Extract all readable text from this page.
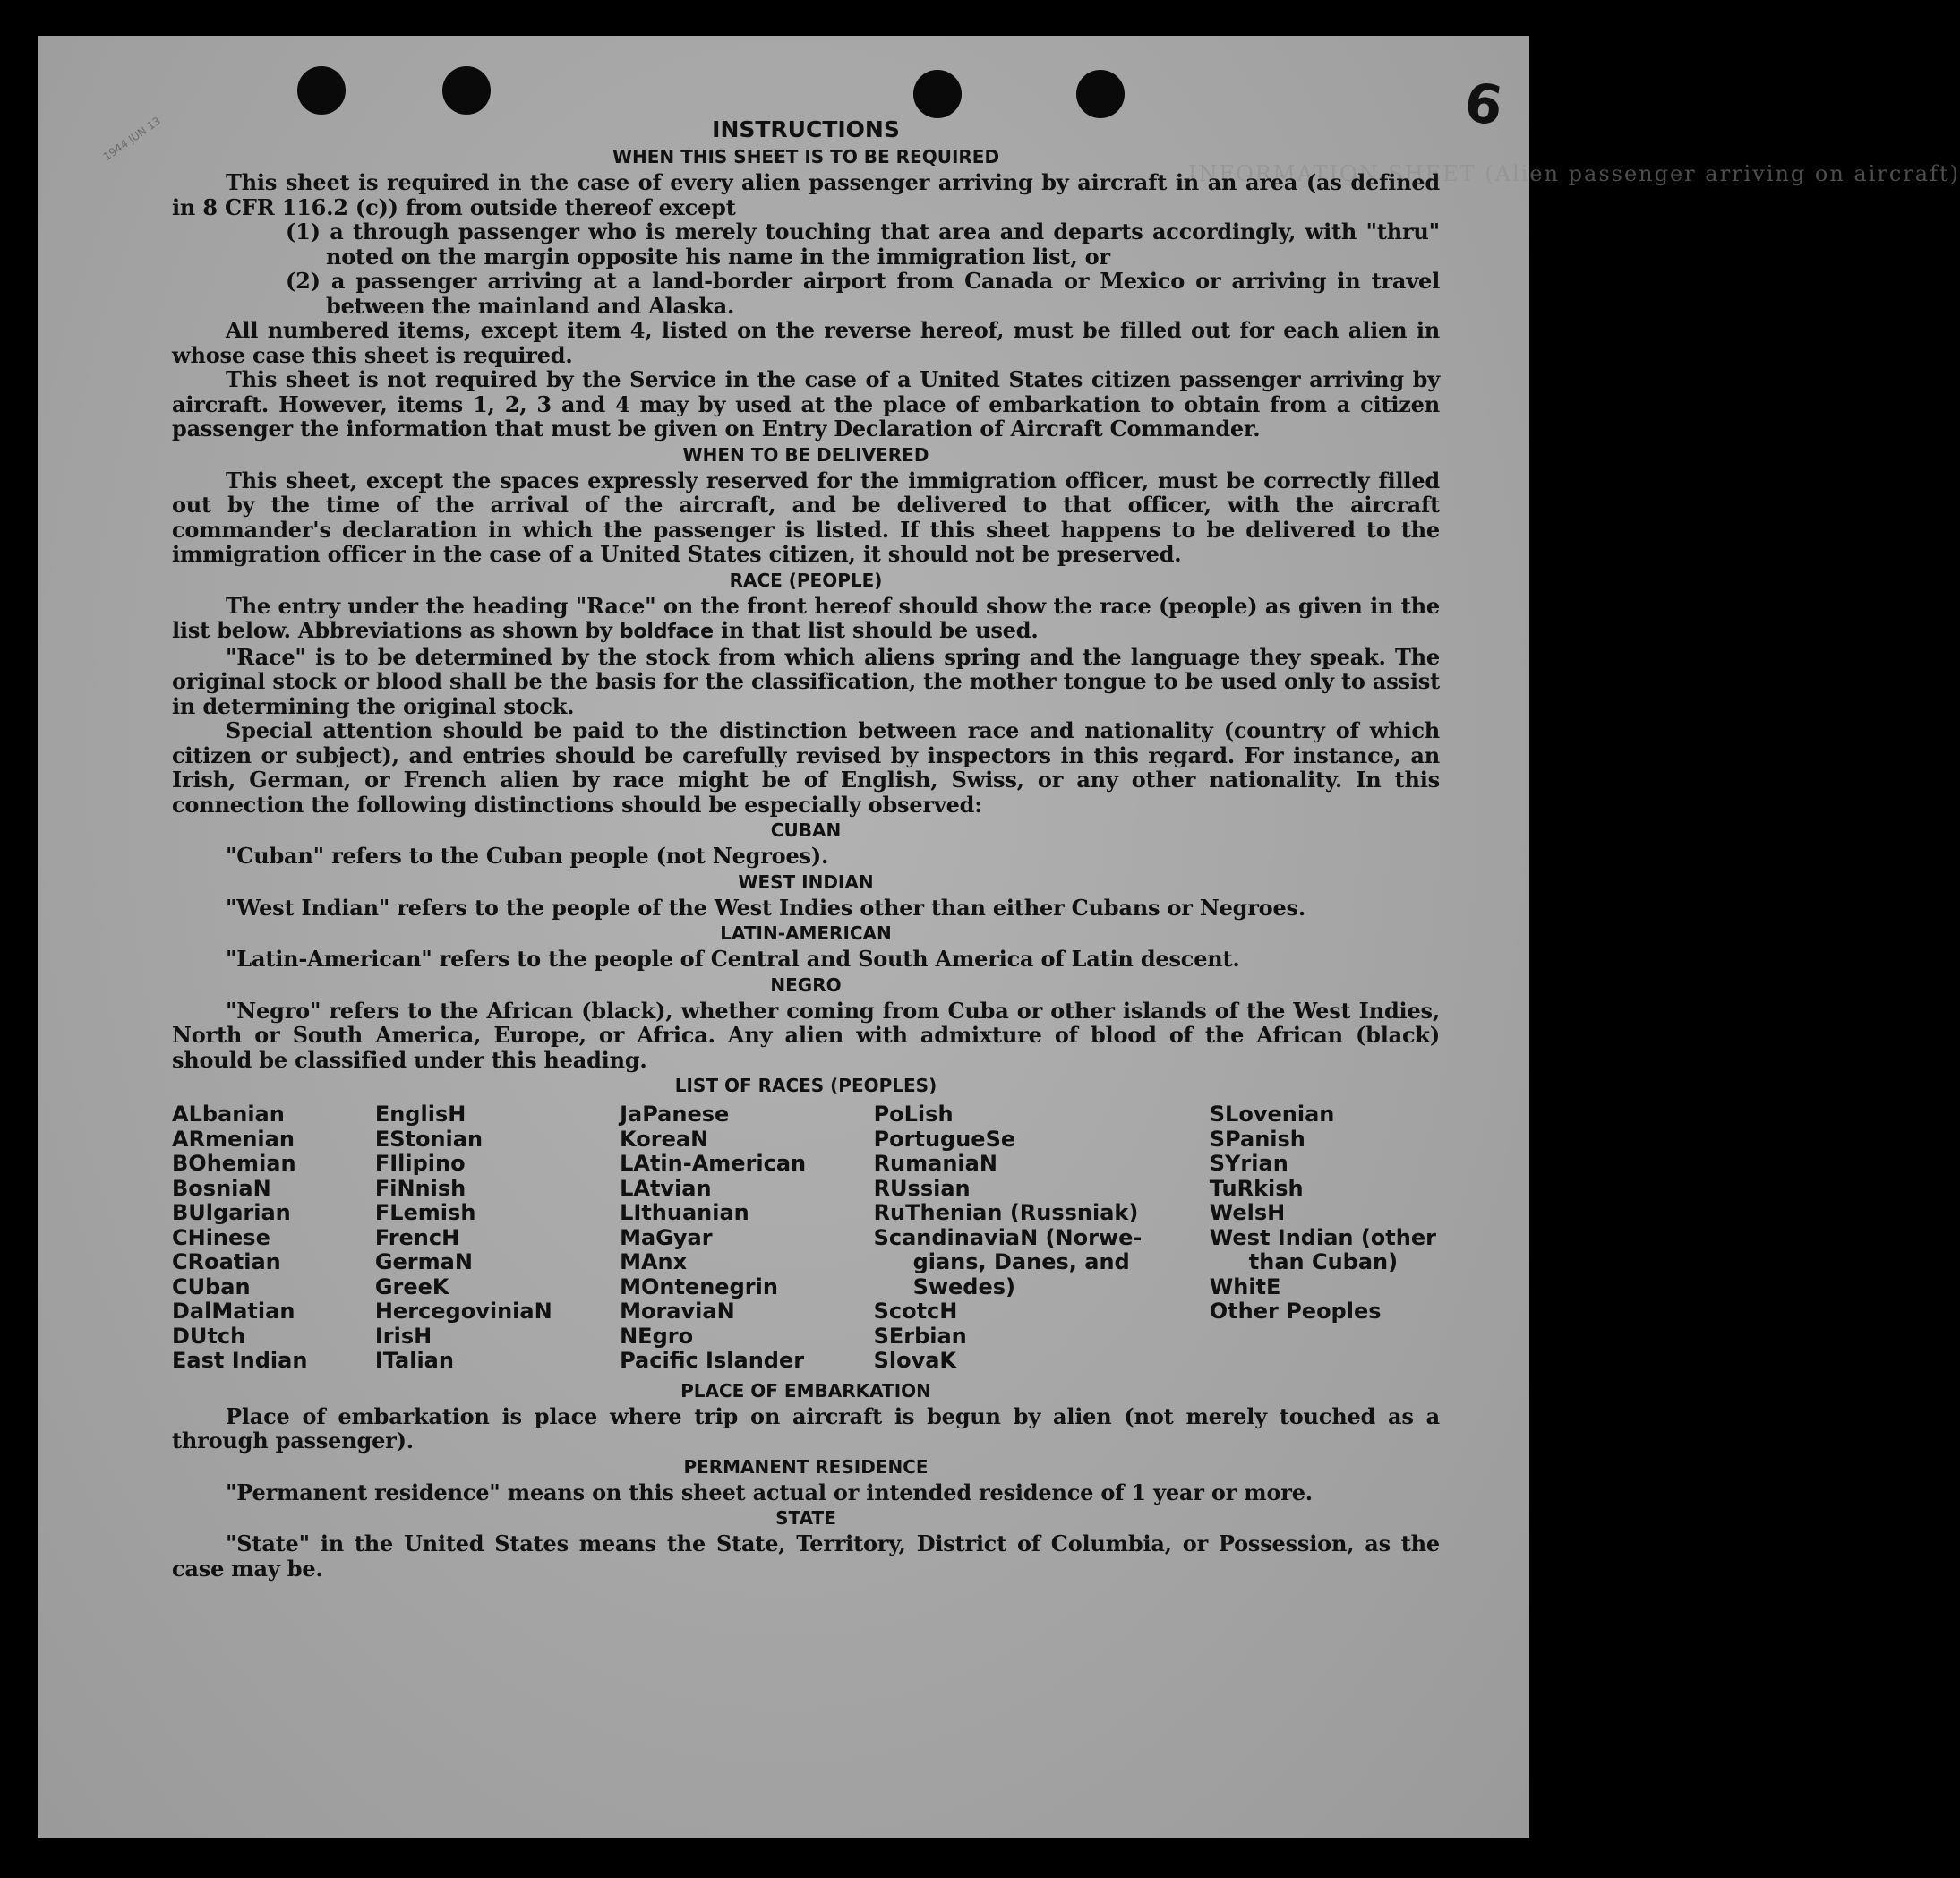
6
1944 JUN 13
INFORMATION SHEET (Alien passenger arriving on aircraft)
INSTRUCTIONS
WHEN THIS SHEET IS TO BE REQUIRED

This sheet is required in the case of every alien passenger arriving by aircraft in an area (as defined in 8 CFR 116.2 (c)) from outside thereof except

(1) a through passenger who is merely touching that area and departs accordingly, with "thru" noted on the margin opposite his name in the immigration list, or

(2) a passenger arriving at a land-border airport from Canada or Mexico or arriving in travel between the mainland and Alaska.

All numbered items, except item 4, listed on the reverse hereof, must be filled out for each alien in whose case this sheet is required.

This sheet is not required by the Service in the case of a United States citizen passenger arriving by aircraft. However, items 1, 2, 3 and 4 may by used at the place of embarkation to obtain from a citizen passenger the information that must be given on Entry Declaration of Aircraft Commander.

WHEN TO BE DELIVERED

This sheet, except the spaces expressly reserved for the immigration officer, must be correctly filled out by the time of the arrival of the aircraft, and be delivered to that officer, with the aircraft commander's declaration in which the passenger is listed. If this sheet happens to be delivered to the immigration officer in the case of a United States citizen, it should not be preserved.

RACE (PEOPLE)

The entry under the heading "Race" on the front hereof should show the race (people) as given in the list below. Abbreviations as shown by boldface in that list should be used.

"Race" is to be determined by the stock from which aliens spring and the language they speak. The original stock or blood shall be the basis for the classification, the mother tongue to be used only to assist in determining the original stock.

Special attention should be paid to the distinction between race and nationality (country of which citizen or subject), and entries should be carefully revised by inspectors in this regard. For instance, an Irish, German, or French alien by race might be of English, Swiss, or any other nationality. In this connection the following distinctions should be especially observed:

CUBAN

"Cuban" refers to the Cuban people (not Negroes).

WEST INDIAN

"West Indian" refers to the people of the West Indies other than either Cubans or Negroes.

LATIN-AMERICAN

"Latin-American" refers to the people of Central and South America of Latin descent.

NEGRO

"Negro" refers to the African (black), whether coming from Cuba or other islands of the West Indies, North or South America, Europe, or Africa. Any alien with admixture of blood of the African (black) should be classified under this heading.

LIST OF RACES (PEOPLES)
ALbanian
ARmenian
BOhemian
BosniaN
BUlgarian
CHinese
CRoatian
CUban
DalMatian
DUtch
East Indian
EnglisH
EStonian
FIlipino
FiNnish
FLemish
FrencH
GermaN
GreeK
HercegoviniaN
IrisH
ITalian
JaPanese
KoreaN
LAtin-American
LAtvian
LIthuanian
MaGyar
MAnx
MOntenegrin
MoraviaN
NEgro
Pacific Islander
PoLish
PortugueSe
RumaniaN
RUssian
RuThenian (Russniak)
ScandinaviaN (Norwe-
gians, Danes, and
Swedes)
ScotcH
SErbian
SlovaK
SLovenian
SPanish
SYrian
TuRkish
WelsH
West Indian (other
than Cuban)
WhitE
Other Peoples
PLACE OF EMBARKATION

Place of embarkation is place where trip on aircraft is begun by alien (not merely touched as a through passenger).

PERMANENT RESIDENCE

"Permanent residence" means on this sheet actual or intended residence of 1 year or more.

STATE

"State" in the United States means the State, Territory, District of Columbia, or Possession, as the case may be.
